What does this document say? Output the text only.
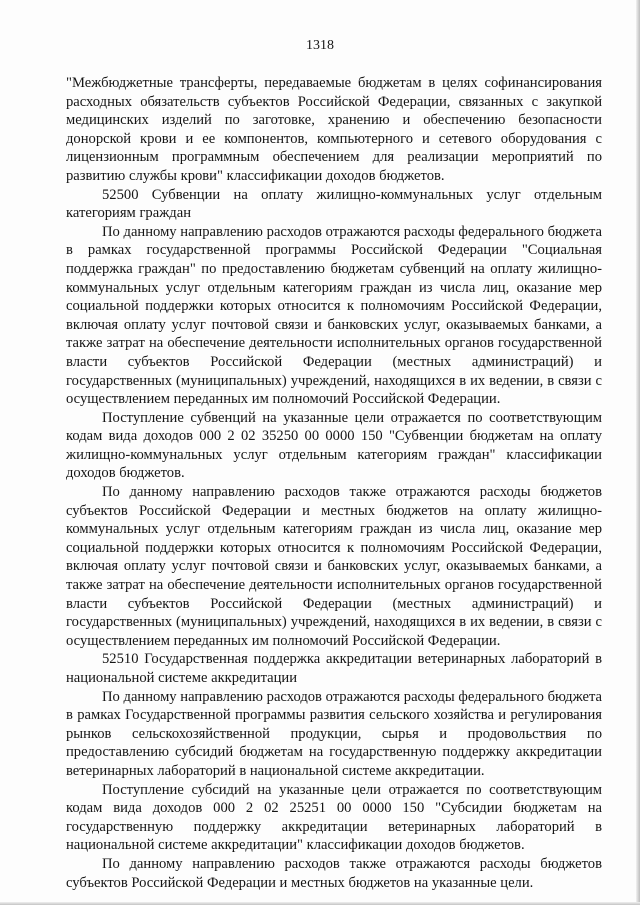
1318

"Межбюджетные трансферты, передаваемые бюджетам в целях софинансирования расходных обязательств субъектов Российской Федерации, связанных с закупкой медицинских изделий по заготовке, хранению и обеспечению безопасности донорской крови и ее компонентов, компьютерного и сетевого оборудования с лицензионным программным обеспечением для реализации мероприятий по развитию службы крови" классификации доходов бюджетов.

52500 Субвенции на оплату жилищно-коммунальных услуг отдельным категориям граждан

По данному направлению расходов отражаются расходы федерального бюджета в рамках государственной программы Российской Федерации "Социальная поддержка граждан" по предоставлению бюджетам субвенций на оплату жилищно-коммунальных услуг отдельным категориям граждан из числа лиц, оказание мер социальной поддержки которых относится к полномочиям Российской Федерации, включая оплату услуг почтовой связи и банковских услуг, оказываемых банками, а также затрат на обеспечение деятельности исполнительных органов государственной власти субъектов Российской Федерации (местных администраций) и государственных (муниципальных) учреждений, находящихся в их ведении, в связи с осуществлением переданных им полномочий Российской Федерации.

Поступление субвенций на указанные цели отражается по соответствующим кодам вида доходов 000 2 02 35250 00 0000 150 "Субвенции бюджетам на оплату жилищно-коммунальных услуг отдельным категориям граждан" классификации доходов бюджетов.

По данному направлению расходов также отражаются расходы бюджетов субъектов Российской Федерации и местных бюджетов на оплату жилищно-коммунальных услуг отдельным категориям граждан из числа лиц, оказание мер социальной поддержки которых относится к полномочиям Российской Федерации, включая оплату услуг почтовой связи и банковских услуг, оказываемых банками, а также затрат на обеспечение деятельности исполнительных органов государственной власти субъектов Российской Федерации (местных администраций) и государственных (муниципальных) учреждений, находящихся в их ведении, в связи с осуществлением переданных им полномочий Российской Федерации.

52510 Государственная поддержка аккредитации ветеринарных лабораторий в национальной системе аккредитации

По данному направлению расходов отражаются расходы федерального бюджета в рамках Государственной программы развития сельского хозяйства и регулирования рынков сельскохозяйственной продукции, сырья и продовольствия по предоставлению субсидий бюджетам на государственную поддержку аккредитации ветеринарных лабораторий в национальной системе аккредитации.

Поступление субсидий на указанные цели отражается по соответствующим кодам вида доходов 000 2 02 25251 00 0000 150 "Субсидии бюджетам на государственную поддержку аккредитации ветеринарных лабораторий в национальной системе аккредитации" классификации доходов бюджетов.

По данному направлению расходов также отражаются расходы бюджетов субъектов Российской Федерации и местных бюджетов на указанные цели.
